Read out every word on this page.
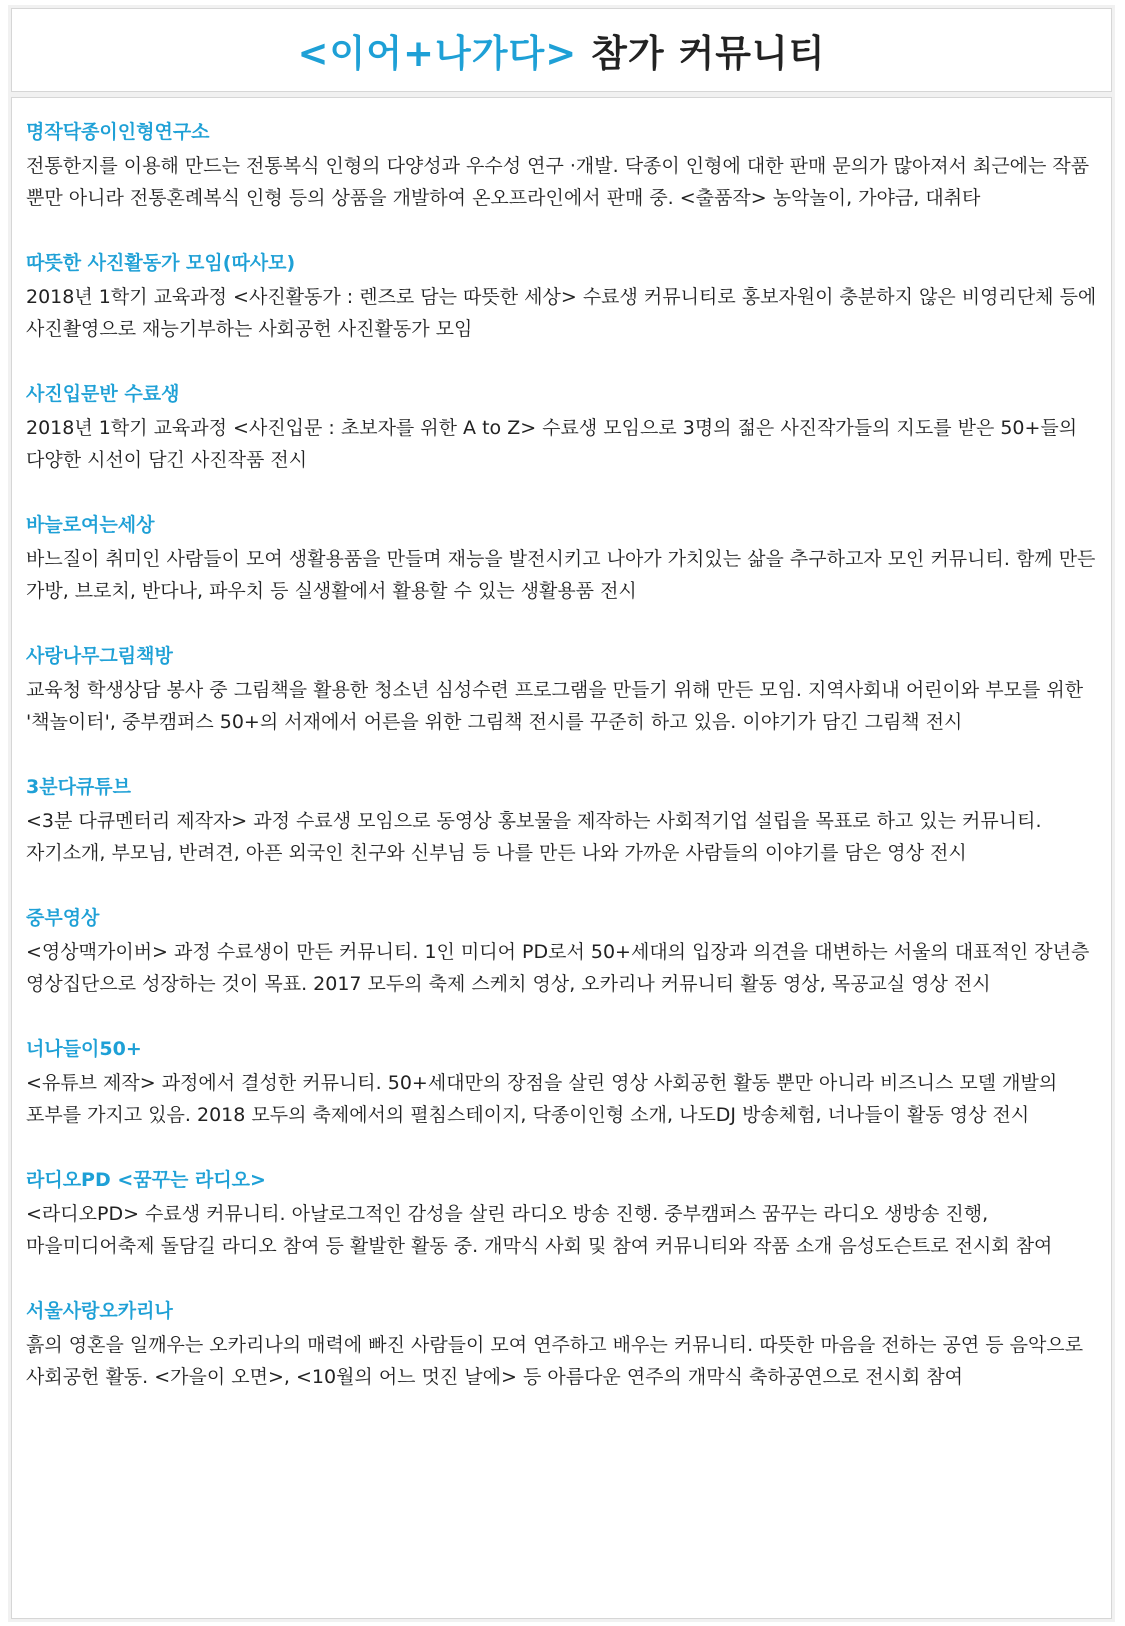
<이어+나가다> 참가 커뮤니티
명작닥종이인형연구소

전통한지를 이용해 만드는 전통복식 인형의 다양성과 우수성 연구 ·개발. 닥종이 인형에 대한 판매 문의가 많아져서 최근에는 작품 뿐만 아니라 전통혼례복식 인형 등의 상품을 개발하여 온오프라인에서 판매 중. <출품작> 농악놀이, 가야금, 대취타

따뜻한 사진활동가 모임(따사모)

2018년 1학기 교육과정 <사진활동가 : 렌즈로 담는 따뜻한 세상> 수료생 커뮤니티로 홍보자원이 충분하지 않은 비영리단체 등에 사진촬영으로 재능기부하는 사회공헌 사진활동가 모임

사진입문반 수료생

2018년 1학기 교육과정 <사진입문 : 초보자를 위한 A to Z> 수료생 모임으로 3명의 젊은 사진작가들의 지도를 받은 50+들의 다양한 시선이 담긴 사진작품 전시

바늘로여는세상

바느질이 취미인 사람들이 모여 생활용품을 만들며 재능을 발전시키고 나아가 가치있는 삶을 추구하고자 모인 커뮤니티. 함께 만든 가방, 브로치, 반다나, 파우치 등 실생활에서 활용할 수 있는 생활용품 전시

사랑나무그림책방

교육청 학생상담 봉사 중 그림책을 활용한 청소년 심성수련 프로그램을 만들기 위해 만든 모임. 지역사회내 어린이와 부모를 위한 '책놀이터', 중부캠퍼스 50+의 서재에서 어른을 위한 그림책 전시를 꾸준히 하고 있음. 이야기가 담긴 그림책 전시

3분다큐튜브

<3분 다큐멘터리 제작자> 과정 수료생 모임으로 동영상 홍보물을 제작하는 사회적기업 설립을 목표로 하고 있는 커뮤니티. 자기소개, 부모님, 반려견, 아픈 외국인 친구와 신부님 등 나를 만든 나와 가까운 사람들의 이야기를 담은 영상 전시

중부영상

<영상맥가이버> 과정 수료생이 만든 커뮤니티. 1인 미디어 PD로서 50+세대의 입장과 의견을 대변하는 서울의 대표적인 장년층 영상집단으로 성장하는 것이 목표. 2017 모두의 축제 스케치 영상, 오카리나 커뮤니티 활동 영상, 목공교실 영상 전시

너나들이50+

<유튜브 제작> 과정에서 결성한 커뮤니티. 50+세대만의 장점을 살린 영상 사회공헌 활동 뿐만 아니라 비즈니스 모델 개발의 포부를 가지고 있음. 2018 모두의 축제에서의 펼침스테이지, 닥종이인형 소개, 나도DJ 방송체험, 너나들이 활동 영상 전시

라디오PD <꿈꾸는 라디오>

<라디오PD> 수료생 커뮤니티. 아날로그적인 감성을 살린 라디오 방송 진행. 중부캠퍼스 꿈꾸는 라디오 생방송 진행, 마을미디어축제 돌담길 라디오 참여 등 활발한 활동 중. 개막식 사회 및 참여 커뮤니티와 작품 소개 음성도슨트로 전시회 참여

서울사랑오카리나

흙의 영혼을 일깨우는 오카리나의 매력에 빠진 사람들이 모여 연주하고 배우는 커뮤니티. 따뜻한 마음을 전하는 공연 등 음악으로 사회공헌 활동. <가을이 오면>, <10월의 어느 멋진 날에> 등 아름다운 연주의 개막식 축하공연으로 전시회 참여
